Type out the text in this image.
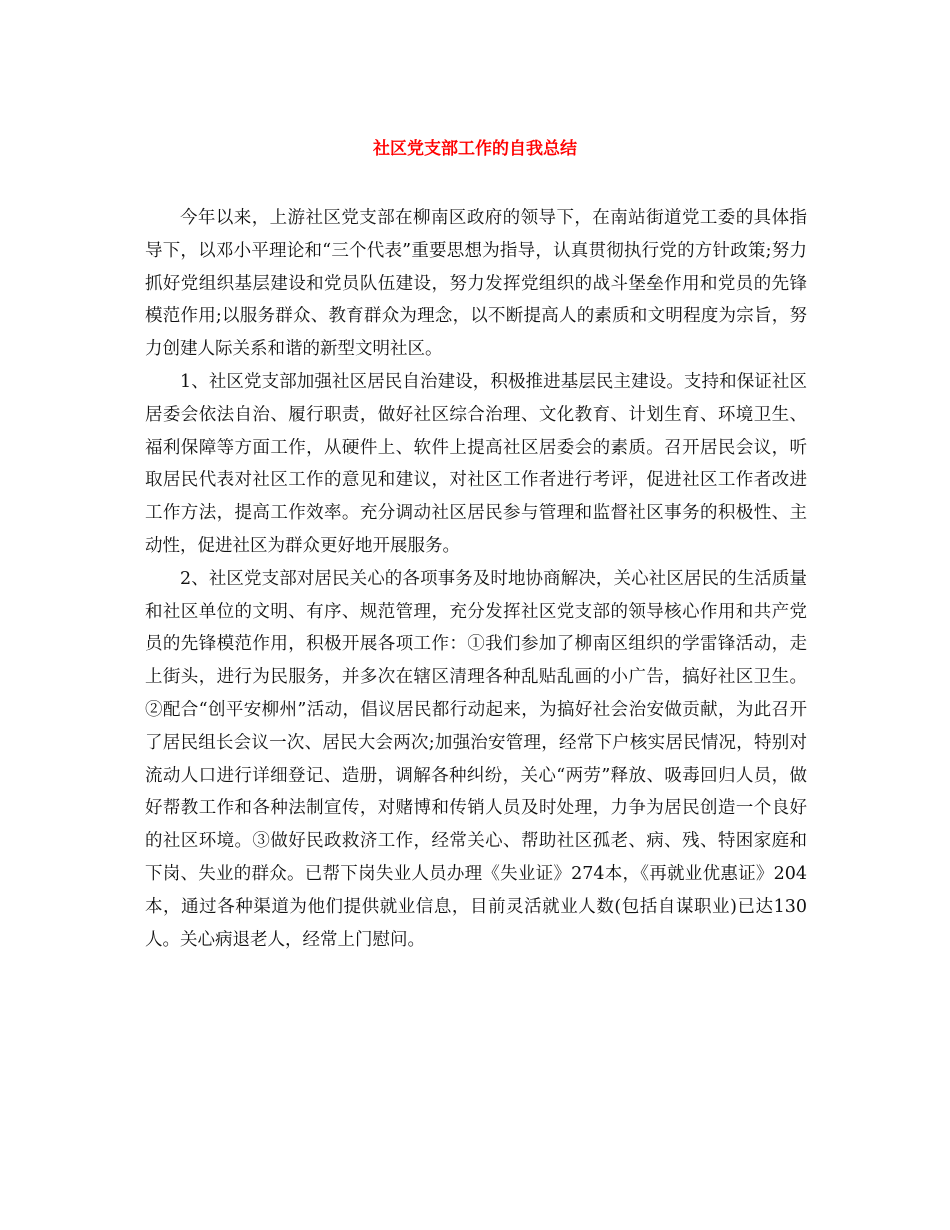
社区党支部工作的自我总结

今年以来，上游社区党支部在柳南区政府的领导下，在南站街道党工委的具体指导下，以邓小平理论和“三个代表”重要思想为指导，认真贯彻执行党的方针政策;努力抓好党组织基层建设和党员队伍建设，努力发挥党组织的战斗堡垒作用和党员的先锋模范作用;以服务群众、教育群众为理念，以不断提高人的素质和文明程度为宗旨，努力创建人际关系和谐的新型文明社区。

1、社区党支部加强社区居民自治建设，积极推进基层民主建设。支持和保证社区居委会依法自治、履行职责，做好社区综合治理、文化教育、计划生育、环境卫生、福利保障等方面工作，从硬件上、软件上提高社区居委会的素质。召开居民会议，听取居民代表对社区工作的意见和建议，对社区工作者进行考评，促进社区工作者改进工作方法，提高工作效率。充分调动社区居民参与管理和监督社区事务的积极性、主动性，促进社区为群众更好地开展服务。

2、社区党支部对居民关心的各项事务及时地协商解决，关心社区居民的生活质量和社区单位的文明、有序、规范管理，充分发挥社区党支部的领导核心作用和共产党员的先锋模范作用，积极开展各项工作：①我们参加了柳南区组织的学雷锋活动，走上街头，进行为民服务，并多次在辖区清理各种乱贴乱画的小广告，搞好社区卫生。②配合“创平安柳州”活动，倡议居民都行动起来，为搞好社会治安做贡献，为此召开了居民组长会议一次、居民大会两次;加强治安管理，经常下户核实居民情况，特别对流动人口进行详细登记、造册，调解各种纠纷，关心“两劳”释放、吸毒回归人员，做好帮教工作和各种法制宣传，对赌博和传销人员及时处理，力争为居民创造一个良好的社区环境。③做好民政救济工作，经常关心、帮助社区孤老、病、残、特困家庭和下岗、失业的群众。已帮下岗失业人员办理《失业证》274本，《再就业优惠证》204本，通过各种渠道为他们提供就业信息，目前灵活就业人数(包括自谋职业)已达130人。关心病退老人，经常上门慰问。
